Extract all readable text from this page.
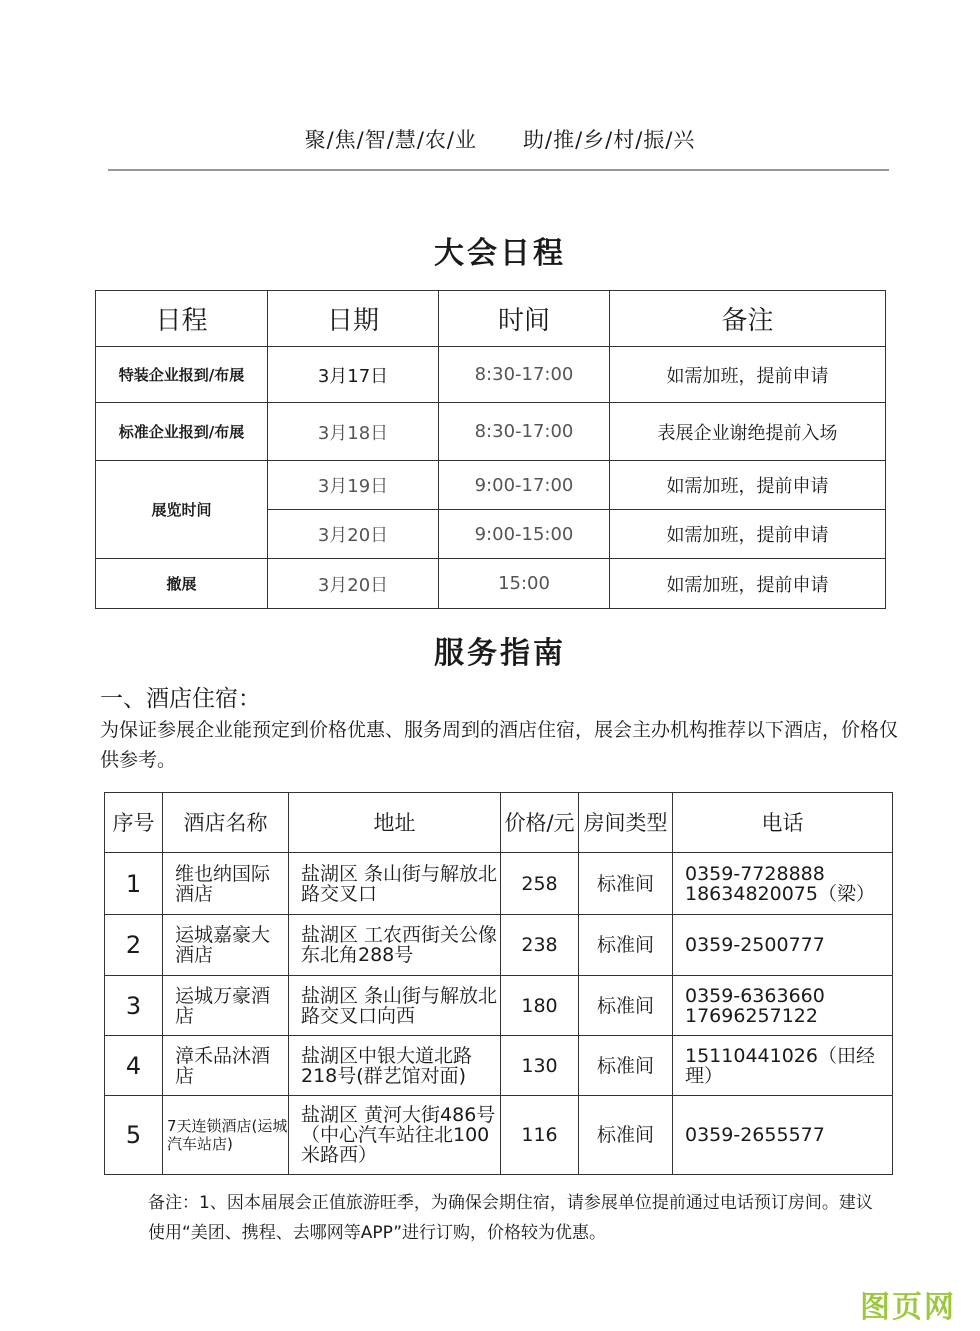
聚/焦/智/慧/农/业      助/推/乡/村/振/兴
大会日程
日程	日期	时间	备注
特装企业报到/布展	3月17日	8:30-17:00	如需加班，提前申请
标准企业报到/布展	3月18日	8:30-17:00	表展企业谢绝提前入场
展览时间	3月19日	9:00-17:00	如需加班，提前申请
	3月20日	9:00-15:00	如需加班，提前申请
撤展	3月20日	15:00	如需加班，提前申请
服务指南
一、酒店住宿：
为保证参展企业能预定到价格优惠、服务周到的酒店住宿，展会主办机构推荐以下酒店，价格仅供参考。
序号	酒店名称	地址	价格/元	房间类型	电话
1	维也纳国际酒店	盐湖区 条山街与解放北路交叉口	258	标准间	0359-7728888 18634820075（梁）
2	运城嘉豪大酒店	盐湖区 工农西街关公像东北角288号	238	标准间	0359-2500777
3	运城万豪酒店	盐湖区 条山街与解放北路交叉口向西	180	标准间	0359-6363660 17696257122
4	漳禾品沐酒店	盐湖区中银大道北路218号(群艺馆对面)	130	标准间	15110441026（田经理）
5	7天连锁酒店(运城汽车站店)	盐湖区 黄河大街486号（中心汽车站往北100米路西）	116	标准间	0359-2655577
备注：1、因本届展会正值旅游旺季，为确保会期住宿，请参展单位提前通过电话预订房间。建议使用“美团、携程、去哪网等APP”进行订购，价格较为优惠。
图页网
